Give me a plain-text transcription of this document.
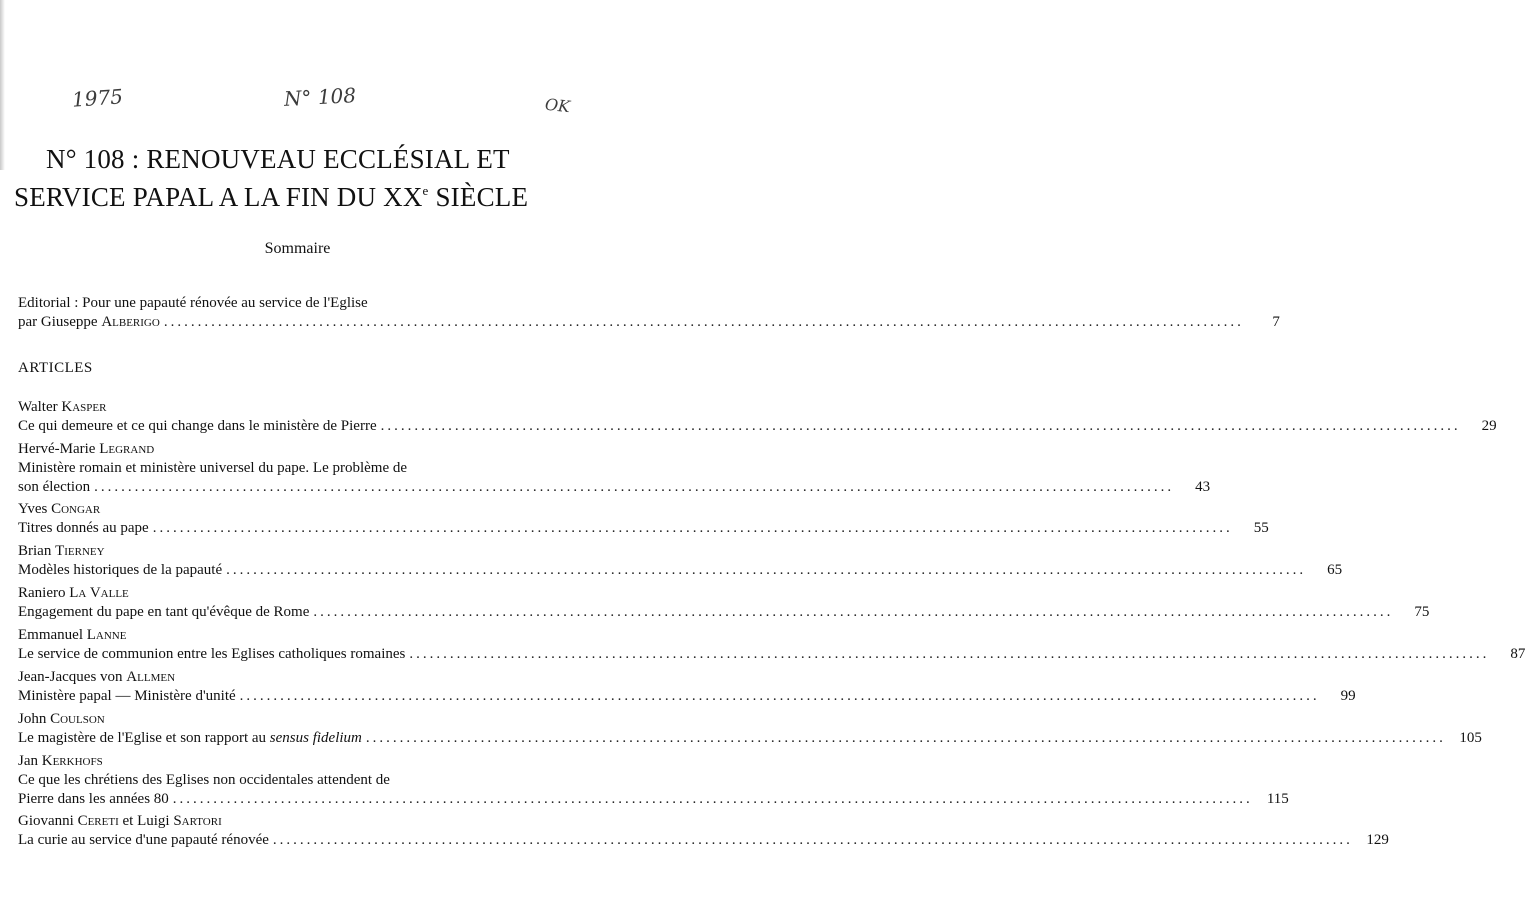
1975	N° 108	OK
N° 108 : RENOUVEAU ECCLÉSIAL ET
SERVICE PAPAL A LA FIN DU XXe SIÈCLE
Sommaire
Editorial : Pour une papauté rénovée au service de l'Eglise
par Giuseppe Alberigo .....	7
ARTICLES
Walter Kasper
Ce qui demeure et ce qui change dans le ministère de Pierre .....	29
Hervé-Marie Legrand
Ministère romain et ministère universel du pape. Le problème de
son élection .....	43
Yves Congar
Titres donnés au pape .....	55
Brian Tierney
Modèles historiques de la papauté .....	65
Raniero La Valle
Engagement du pape en tant qu'évêque de Rome .....	75
Emmanuel Lanne
Le service de communion entre les Eglises catholiques romaines .....	87
Jean-Jacques von Allmen
Ministère papal — Ministère d'unité .....	99
John Coulson
Le magistère de l'Eglise et son rapport au sensus fidelium .....	105
Jan Kerkhofs
Ce que les chrétiens des Eglises non occidentales attendent de
Pierre dans les années 80 .....	115
Giovanni Cereti et Luigi Sartori
La curie au service d'une papauté rénovée .....	129
